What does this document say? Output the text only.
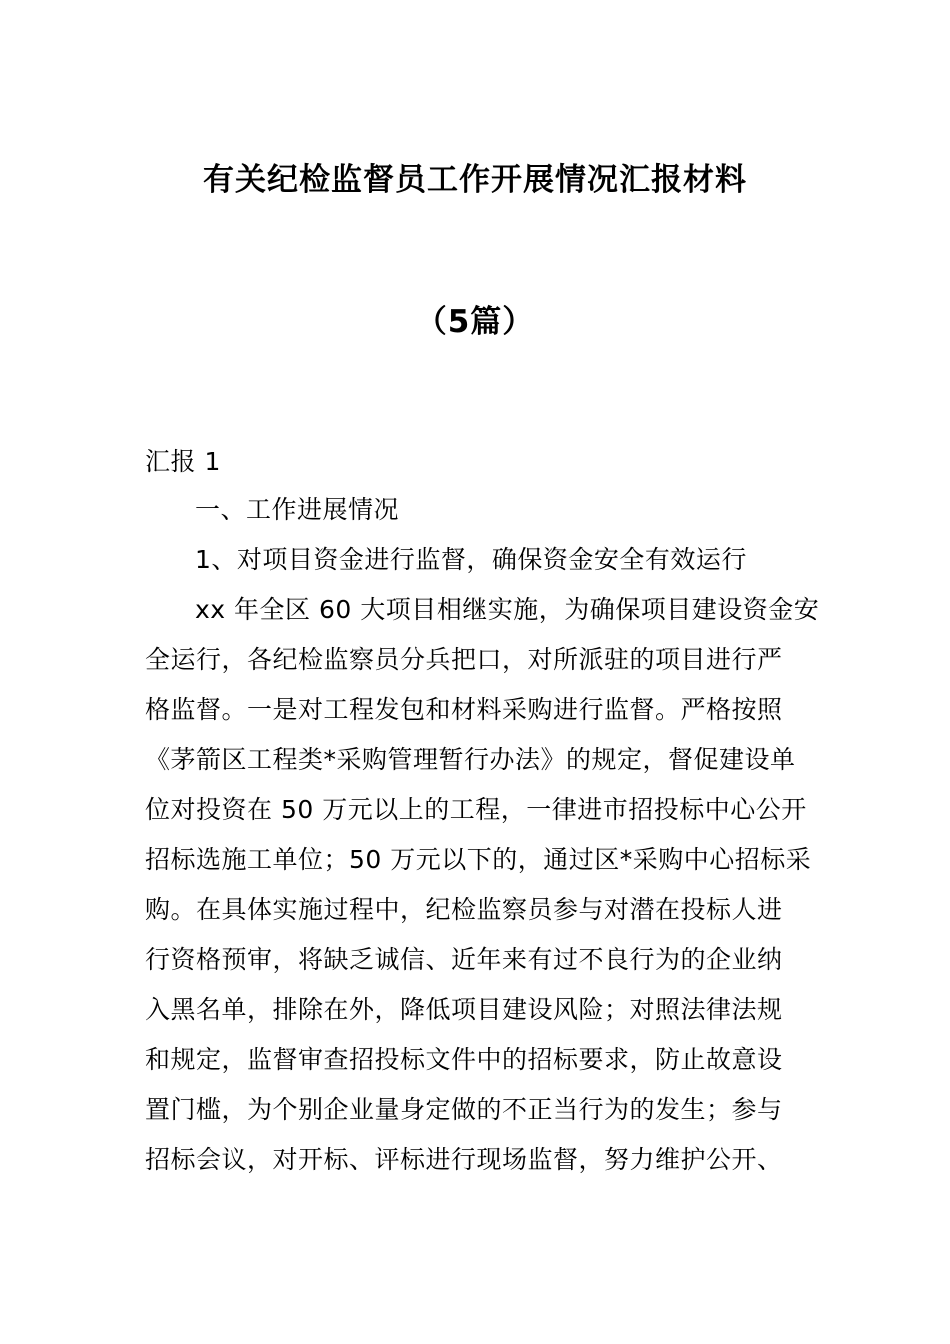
有关纪检监督员工作开展情况汇报材料
（5篇）
汇报 1
一、工作进展情况
1、对项目资金进行监督，确保资金安全有效运行
xx 年全区 60 大项目相继实施，为确保项目建设资金安
全运行，各纪检监察员分兵把口，对所派驻的项目进行严
格监督。一是对工程发包和材料采购进行监督。严格按照
《茅箭区工程类*采购管理暂行办法》的规定，督促建设单
位对投资在 50 万元以上的工程，一律进市招投标中心公开
招标选施工单位；50 万元以下的，通过区*采购中心招标采
购。在具体实施过程中，纪检监察员参与对潜在投标人进
行资格预审，将缺乏诚信、近年来有过不良行为的企业纳
入黑名单，排除在外，降低项目建设风险；对照法律法规
和规定，监督审查招投标文件中的招标要求，防止故意设
置门槛，为个别企业量身定做的不正当行为的发生；参与
招标会议，对开标、评标进行现场监督，努力维护公开、
